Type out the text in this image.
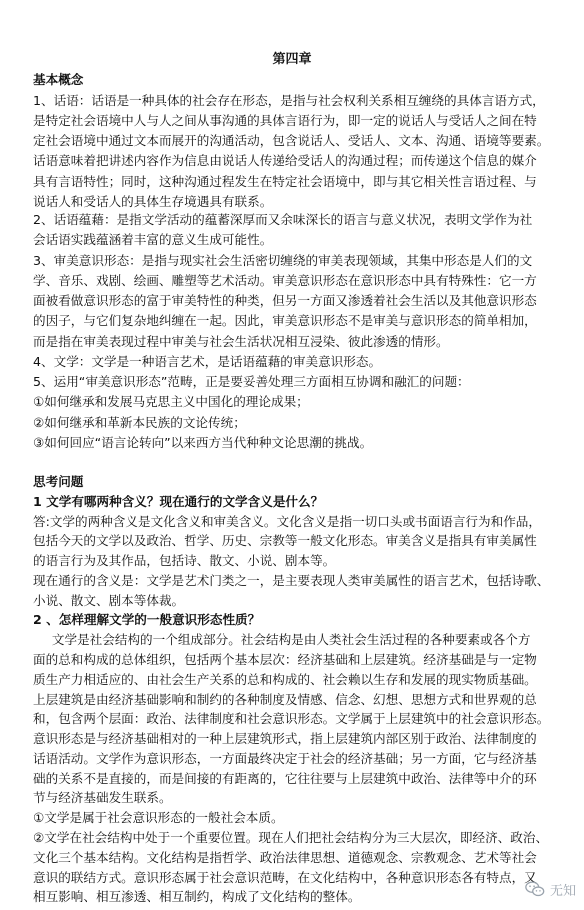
第四章

基本概念

1、话语：话语是一种具体的社会存在形态，是指与社会权利关系相互缠绕的具体言语方式，

是特定社会语境中人与人之间从事沟通的具体言语行为，即一定的说话人与受话人之间在特

定社会语境中通过文本而展开的沟通活动，包含说话人、受话人、文本、沟通、语境等要素。

话语意味着把讲述内容作为信息由说话人传递给受话人的沟通过程；而传递这个信息的媒介

具有言语特性；同时，这种沟通过程发生在特定社会语境中，即与其它相关性言语过程、与

说话人和受话人的具体生存境遇具有联系。

2、话语蕴藉：是指文学活动的蕴蓄深厚而又余味深长的语言与意义状况，表明文学作为社

会话语实践蕴涵着丰富的意义生成可能性。

3、审美意识形态：是指与现实社会生活密切缠绕的审美表现领域，其集中形态是人们的文

学、音乐、戏剧、绘画、雕塑等艺术活动。审美意识形态在意识形态中具有特殊性：它一方

面被看做意识形态的富于审美特性的种类，但另一方面又渗透着社会生活以及其他意识形态

的因子，与它们复杂地纠缠在一起。因此，审美意识形态不是审美与意识形态的简单相加，

而是指在审美表现过程中审美与社会生活状况相互浸染、彼此渗透的情形。

4、文学：文学是一种语言艺术，是话语蕴藉的审美意识形态。

5、运用“审美意识形态”范畴，正是要妥善处理三方面相互协调和融汇的问题：

①如何继承和发展马克思主义中国化的理论成果；

②如何继承和革新本民族的文论传统；

③如何回应“语言论转向”以来西方当代种种文论思潮的挑战。

思考问题

1 文学有哪两种含义？现在通行的文学含义是什么？

答:文学的两种含义是文化含义和审美含义。文化含义是指一切口头或书面语言行为和作品，

包括今天的文学以及政治、哲学、历史、宗教等一般文化形态。审美含义是指具有审美属性

的语言行为及其作品，包括诗、散文、小说、剧本等。

现在通行的含义是：文学是艺术门类之一，是主要表现人类审美属性的语言艺术，包括诗歌、

小说、散文、剧本等体裁。

2 、怎样理解文学的一般意识形态性质？

文学是社会结构的一个组成部分。社会结构是由人类社会生活过程的各种要素或各个方

面的总和构成的总体组织，包括两个基本层次：经济基础和上层建筑。经济基础是与一定物

质生产力相适应的、由社会生产关系的总和构成的、社会赖以生存和发展的现实物质基础。

上层建筑是由经济基础影响和制约的各种制度及情感、信念、幻想、思想方式和世界观的总

和，包含两个层面：政治、法律制度和社会意识形态。文学属于上层建筑中的社会意识形态。

意识形态是与经济基础相对的一种上层建筑形式，指上层建筑内部区别于政治、法律制度的

话语活动。文学作为意识形态，一方面最终决定于社会的经济基础；另一方面，它与经济基

础的关系不是直接的，而是间接的有距离的，它往往要与上层建筑中政治、法律等中介的环

节与经济基础发生联系。

①文学是属于社会意识形态的一般社会本质。

②文学在社会结构中处于一个重要位置。现在人们把社会结构分为三大层次，即经济、政治、

文化三个基本结构。文化结构是指哲学、政治法律思想、道德观念、宗教观念、艺术等社会

意识的联结方式。意识形态属于社会意识范畴，在文化结构中，各种意识形态各有特点，又

相互影响、相互渗透、相互制约，构成了文化结构的整体。	无知
